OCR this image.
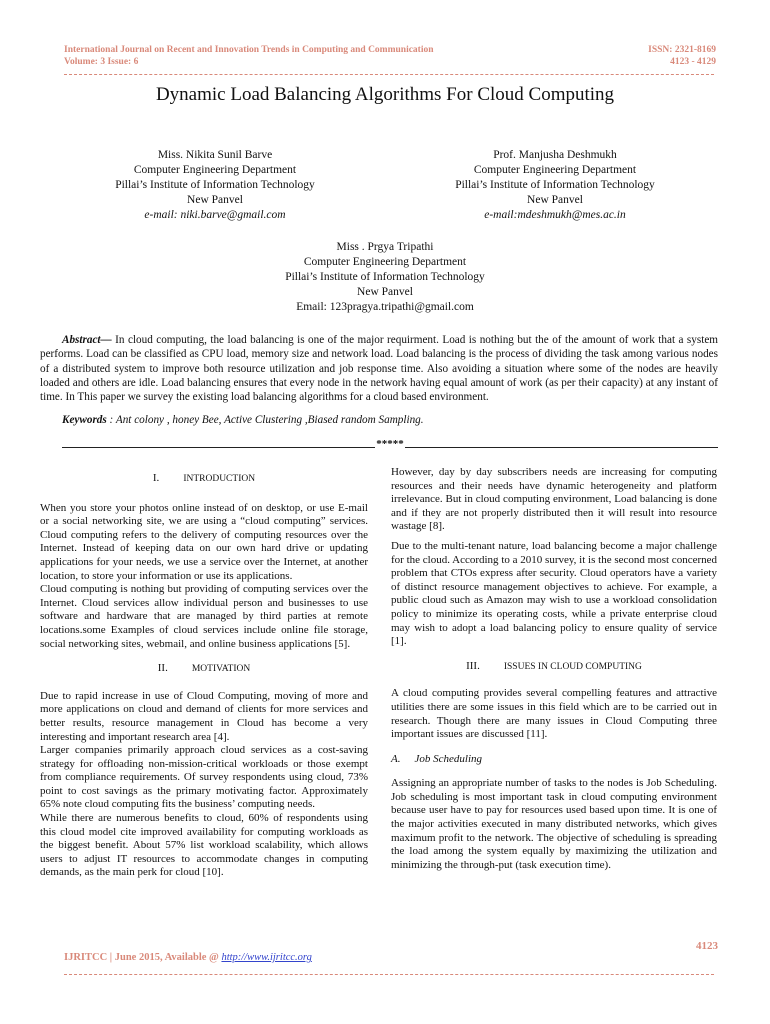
International Journal on Recent and Innovation Trends in Computing and Communication
Volume: 3 Issue: 6
ISSN: 2321-8169
4123 - 4129
Dynamic Load Balancing Algorithms For Cloud Computing
Miss. Nikita Sunil Barve
Computer Engineering Department
Pillai’s Institute of Information Technology
New Panvel
e-mail: niki.barve@gmail.com
Prof. Manjusha Deshmukh
Computer Engineering Department
Pillai’s Institute of Information Technology
New Panvel
e-mail:mdeshmukh@mes.ac.in
Miss . Prgya Tripathi
Computer Engineering Department
Pillai’s Institute of Information Technology
New Panvel
Email: 123pragya.tripathi@gmail.com
Abstract— In cloud computing, the load balancing is one of the major requirment. Load is nothing but the of the amount of work that a system performs. Load can be classified as CPU load, memory size and network load. Load balancing is the process of dividing the task among various nodes of a distributed system to improve both resource utilization and job response time. Also avoiding a situation where some of the nodes are heavily loaded and others are idle. Load balancing ensures that every node in the network having equal amount of work (as per their capacity) at any instant of time. In This paper we survey the existing load balancing algorithms for a cloud based environment.
Keywords : Ant colony , honey Bee, Active Clustering ,Biased random Sampling.
*****

I.	INTRODUCTION

When you store your photos online instead of on desktop, or use E-mail or a social networking site, we are using a “cloud computing” services. Cloud computing refers to the delivery of computing resources over the Internet. Instead of keeping data on our own hard drive or updating applications for your needs, we use a service over the Internet, at another location, to store your information or use its applications.

Cloud computing is nothing but providing of computing services over the Internet. Cloud services allow individual person and businesses to use software and hardware that are managed by third parties at remote locations.some Examples of cloud services include online file storage, social networking sites, webmail, and online business applications [5].

II.	MOTIVATION

Due to rapid increase in use of Cloud Computing, moving of more and more applications on cloud and demand of clients for more services and better results, resource management in Cloud has become a very interesting and important research area [4].

Larger companies primarily approach cloud services as a cost-saving strategy for offloading non-mission-critical workloads or those exempt from compliance requirements. Of survey respondents using cloud, 73% point to cost savings as the primary motivating factor. Approximately 65% note cloud computing fits the business’ computing needs.

While there are numerous benefits to cloud, 60% of respondents using this cloud model cite improved availability for computing workloads as the biggest benefit. About 57% list workload scalability, which allows users to adjust IT resources to accommodate changes in computing demands, as the main perk for cloud [10].

However, day by day subscribers needs are increasing for computing resources and their needs have dynamic heterogeneity and platform irrelevance. But in cloud computing environment, Load balancing is done and if they are not properly distributed then it will result into resource wastage [8].

Due to the multi-tenant nature, load balancing become a major challenge for the cloud. According to a 2010 survey, it is the second most concerned problem that CTOs express after security. Cloud operators have a variety of distinct resource management objectives to achieve. For example, a public cloud such as Amazon may wish to use a workload consolidation policy to minimize its operating costs, while a private enterprise cloud may wish to adopt a load balancing policy to ensure quality of service [1].

III.	ISSUES IN CLOUD COMPUTING

A cloud computing provides several compelling features and attractive utilities there are some issues in this field which are to be carried out in research. Though there are many issues in Cloud Computing three important issues are discussed [11].

A. Job Scheduling

Assigning an appropriate number of tasks to the nodes is Job Scheduling. Job scheduling is most important task in cloud computing environment because user have to pay for resources used based upon time. It is one of the major activities executed in many distributed networks, which gives maximum profit to the network. The objective of scheduling is spreading the load among the system equally by maximizing the utilization and minimizing the through-put (task execution time).

4123
IJRITCC | June 2015, Available @ http://www.ijritcc.org
